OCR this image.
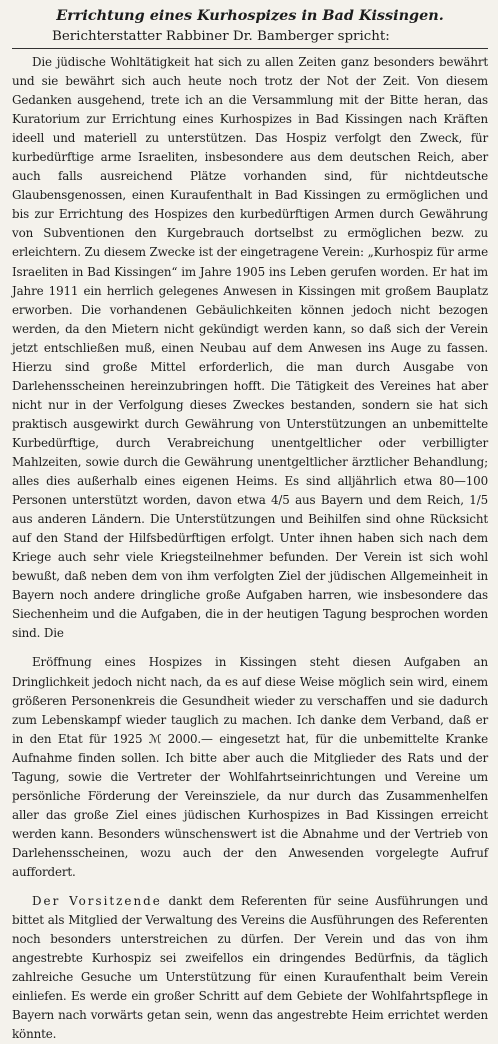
Errichtung eines Kurhospizes in Bad Kissingen.
Berichterstatter Rabbiner Dr. Bamberger spricht:

Die jüdische Wohltätigkeit hat sich zu allen Zeiten ganz besonders bewährt und sie bewährt sich auch heute noch trotz der Not der Zeit. Von diesem Gedanken ausgehend, trete ich an die Versammlung mit der Bitte heran, das Kuratorium zur Errichtung eines Kurhospizes in Bad Kissingen nach Kräften ideell und materiell zu unterstützen. Das Hospiz verfolgt den Zweck, für kurbedürftige arme Israeliten, insbesondere aus dem deutschen Reich, aber auch falls ausreichend Plätze vorhanden sind, für nichtdeutsche Glaubensgenossen, einen Kuraufenthalt in Bad Kissingen zu ermöglichen und bis zur Errichtung des Hospizes den kurbedürftigen Armen durch Gewährung von Subventionen den Kurgebrauch dortselbst zu ermöglichen bezw. zu erleichtern. Zu diesem Zwecke ist der eingetragene Verein: „Kurhospiz für arme Israeliten in Bad Kissingen“ im Jahre 1905 ins Leben gerufen worden. Er hat im Jahre 1911 ein herrlich gelegenes Anwesen in Kissingen mit großem Bauplatz erworben. Die vorhandenen Gebäulichkeiten können jedoch nicht bezogen werden, da den Mietern nicht gekündigt werden kann, so daß sich der Verein jetzt entschließen muß, einen Neubau auf dem Anwesen ins Auge zu fassen. Hierzu sind große Mittel erforderlich, die man durch Ausgabe von Darlehensscheinen hereinzubringen hofft. Die Tätigkeit des Vereines hat aber nicht nur in der Verfolgung dieses Zweckes bestanden, sondern sie hat sich praktisch ausgewirkt durch Gewährung von Unterstützungen an unbemittelte Kurbedürftige, durch Verabreichung unentgeltlicher oder verbilligter Mahlzeiten, sowie durch die Gewährung unentgeltlicher ärztlicher Behandlung; alles dies außerhalb eines eigenen Heims. Es sind alljährlich etwa 80—100 Personen unterstützt worden, davon etwa 4/5 aus Bayern und dem Reich, 1/5 aus anderen Ländern. Die Unterstützungen und Beihilfen sind ohne Rücksicht auf den Stand der Hilfsbedürftigen erfolgt. Unter ihnen haben sich nach dem Kriege auch sehr viele Kriegsteilnehmer befunden. Der Verein ist sich wohl bewußt, daß neben dem von ihm verfolgten Ziel der jüdischen Allgemeinheit in Bayern noch andere dringliche große Aufgaben harren, wie insbesondere das Siechenheim und die Aufgaben, die in der heutigen Tagung besprochen worden sind. Die

Eröffnung eines Hospizes in Kissingen steht diesen Aufgaben an Dringlichkeit jedoch nicht nach, da es auf diese Weise möglich sein wird, einem größeren Personenkreis die Gesundheit wieder zu verschaffen und sie dadurch zum Lebenskampf wieder tauglich zu machen. Ich danke dem Verband, daß er in den Etat für 1925 ℳ 2000.— eingesetzt hat, für die unbemittelte Kranke Aufnahme finden sollen. Ich bitte aber auch die Mitglieder des Rats und der Tagung, sowie die Vertreter der Wohlfahrtseinrichtungen und Vereine um persönliche Förderung der Vereinsziele, da nur durch das Zusammenhelfen aller das große Ziel eines jüdischen Kurhospizes in Bad Kissingen erreicht werden kann. Besonders wünschenswert ist die Abnahme und der Vertrieb von Darlehensscheinen, wozu auch der den Anwesenden vorgelegte Aufruf auffordert.

Der Vorsitzende dankt dem Referenten für seine Ausführungen und bittet als Mitglied der Verwaltung des Vereins die Ausführungen des Referenten noch besonders unterstreichen zu dürfen. Der Verein und das von ihm angestrebte Kurhospiz sei zweifellos ein dringendes Bedürfnis, da täglich zahlreiche Gesuche um Unterstützung für einen Kuraufenthalt beim Verein einliefen. Es werde ein großer Schritt auf dem Gebiete der Wohlfahrtspflege in Bayern nach vorwärts getan sein, wenn das angestrebte Heim errichtet werden könnte.
